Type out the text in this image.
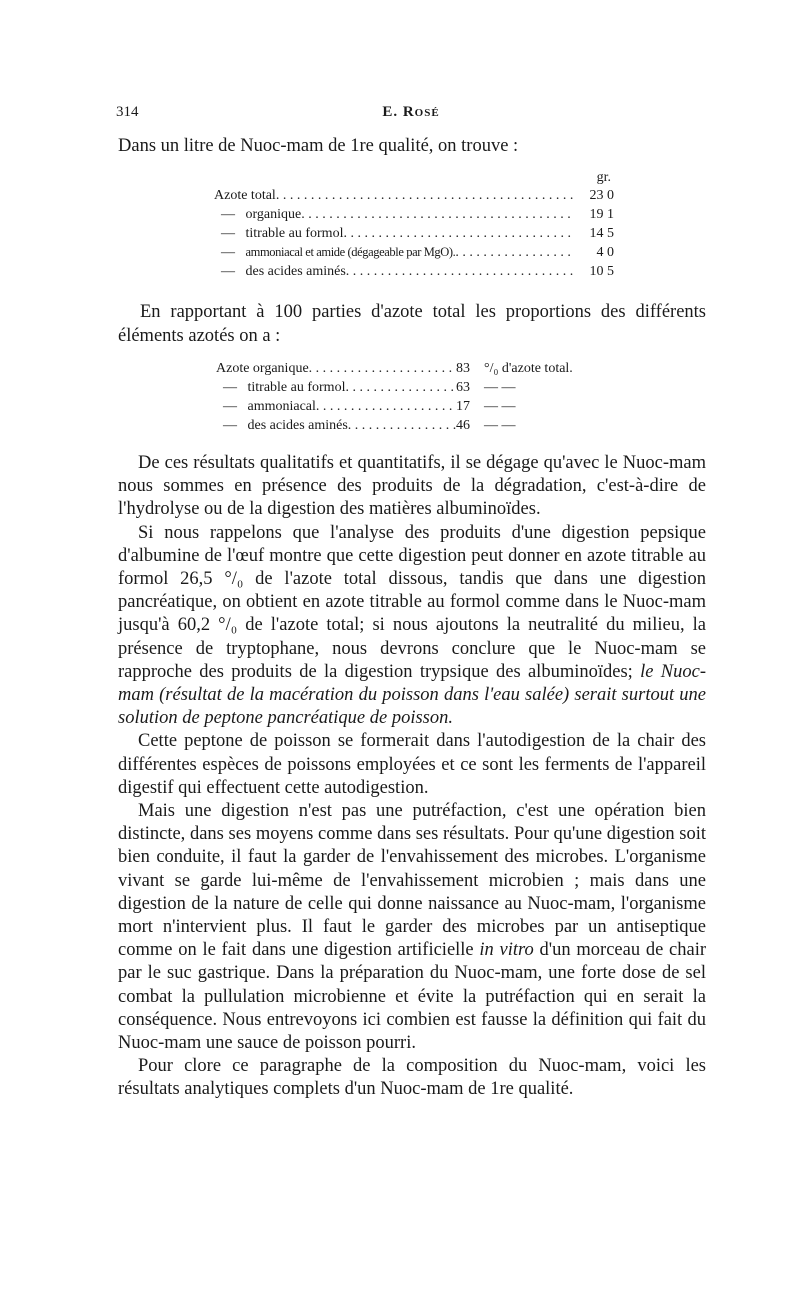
314	E. Rosé

Dans un litre de Nuoc-mam de 1re qualité, on trouve :

gr.
Azote total . . .	23 0
— organique . . .	19 1
— titrable au formol . . .	14 5
— ammoniacal et amide (dégageable par MgO). . . .	4 0
— des acides aminés . . .	10 5

En rapportant à 100 parties d'azote total les proportions des différents éléments azotés on a :

Azote organique . . .	83	°/₀ d'azote total.
— titrable au formol . . .	63	— —
— ammoniacal . . .	17	— —
— des acides aminés . . .	46	— —

De ces résultats qualitatifs et quantitatifs, il se dégage qu'avec le Nuoc-mam nous sommes en présence des produits de la dégradation, c'est-à-dire de l'hydrolyse ou de la digestion des matières albuminoïdes.

Si nous rappelons que l'analyse des produits d'une digestion pepsique d'albumine de l'œuf montre que cette digestion peut donner en azote titrable au formol 26,5 °/₀ de l'azote total dissous, tandis que dans une digestion pancréatique, on obtient en azote titrable au formol comme dans le Nuoc-mam jusqu'à 60,2 °/₀ de l'azote total; si nous ajoutons la neutralité du milieu, la présence de tryptophane, nous devrons conclure que le Nuoc-mam se rapproche des produits de la digestion trypsique des albuminoïdes; le Nuoc-mam (résultat de la macération du poisson dans l'eau salée) serait surtout une solution de peptone pancréatique de poisson.

Cette peptone de poisson se formerait dans l'autodigestion de la chair des différentes espèces de poissons employées et ce sont les ferments de l'appareil digestif qui effectuent cette autodigestion.

Mais une digestion n'est pas une putréfaction, c'est une opération bien distincte, dans ses moyens comme dans ses résultats. Pour qu'une digestion soit bien conduite, il faut la garder de l'envahissement des microbes. L'organisme vivant se garde lui-même de l'envahissement microbien ; mais dans une digestion de la nature de celle qui donne naissance au Nuoc-mam, l'organisme mort n'intervient plus. Il faut le garder des microbes par un antiseptique comme on le fait dans une digestion artificielle in vitro d'un morceau de chair par le suc gastrique. Dans la préparation du Nuoc-mam, une forte dose de sel combat la pullulation microbienne et évite la putréfaction qui en serait la conséquence. Nous entrevoyons ici combien est fausse la définition qui fait du Nuoc-mam une sauce de poisson pourri.

Pour clore ce paragraphe de la composition du Nuoc-mam, voici les résultats analytiques complets d'un Nuoc-mam de 1re qualité.
